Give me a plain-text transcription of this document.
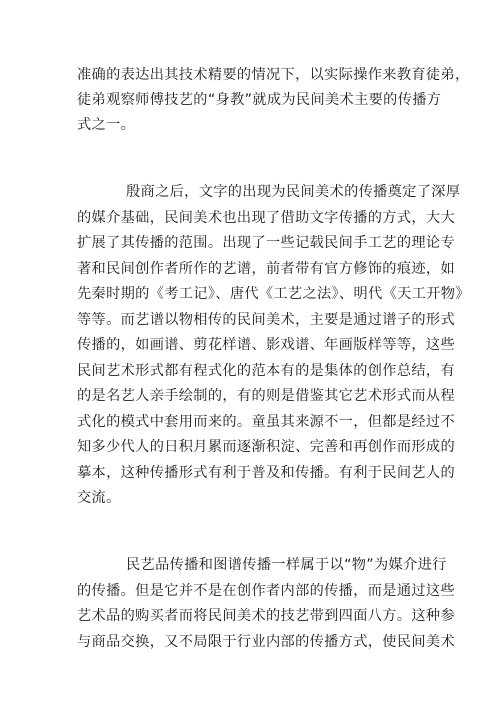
准确的表达出其技术精要的情况下，以实际操作来教育徒弟，
徒弟观察师傅技艺的“身教”就成为民间美术主要的传播方
式之一。
殷商之后，文字的出现为民间美术的传播奠定了深厚
的媒介基础，民间美术也出现了借助文字传播的方式，大大
扩展了其传播的范围。出现了一些记载民间手工艺的理论专
著和民间创作者所作的艺谱，前者带有官方修饰的痕迹，如
先秦时期的《考工记》、唐代《工艺之法》、明代《天工开物》
等等。而艺谱以物相传的民间美术，主要是通过谱子的形式
传播的，如画谱、剪花样谱、影戏谱、年画版样等等，这些
民间艺术形式都有程式化的范本有的是集体的创作总结，有
的是名艺人亲手绘制的，有的则是借鉴其它艺术形式而从程
式化的模式中套用而来的。童虽其来源不一，但都是经过不
知多少代人的日积月累而逐渐积淀、完善和再创作而形成的
摹本，这种传播形式有利于普及和传播。有利于民间艺人的
交流。
民艺品传播和图谱传播一样属于以“物”为媒介进行
的传播。但是它并不是在创作者内部的传播，而是通过这些
艺术品的购买者而将民间美术的技艺带到四面八方。这种参
与商品交换，又不局限于行业内部的传播方式，使民间美术
